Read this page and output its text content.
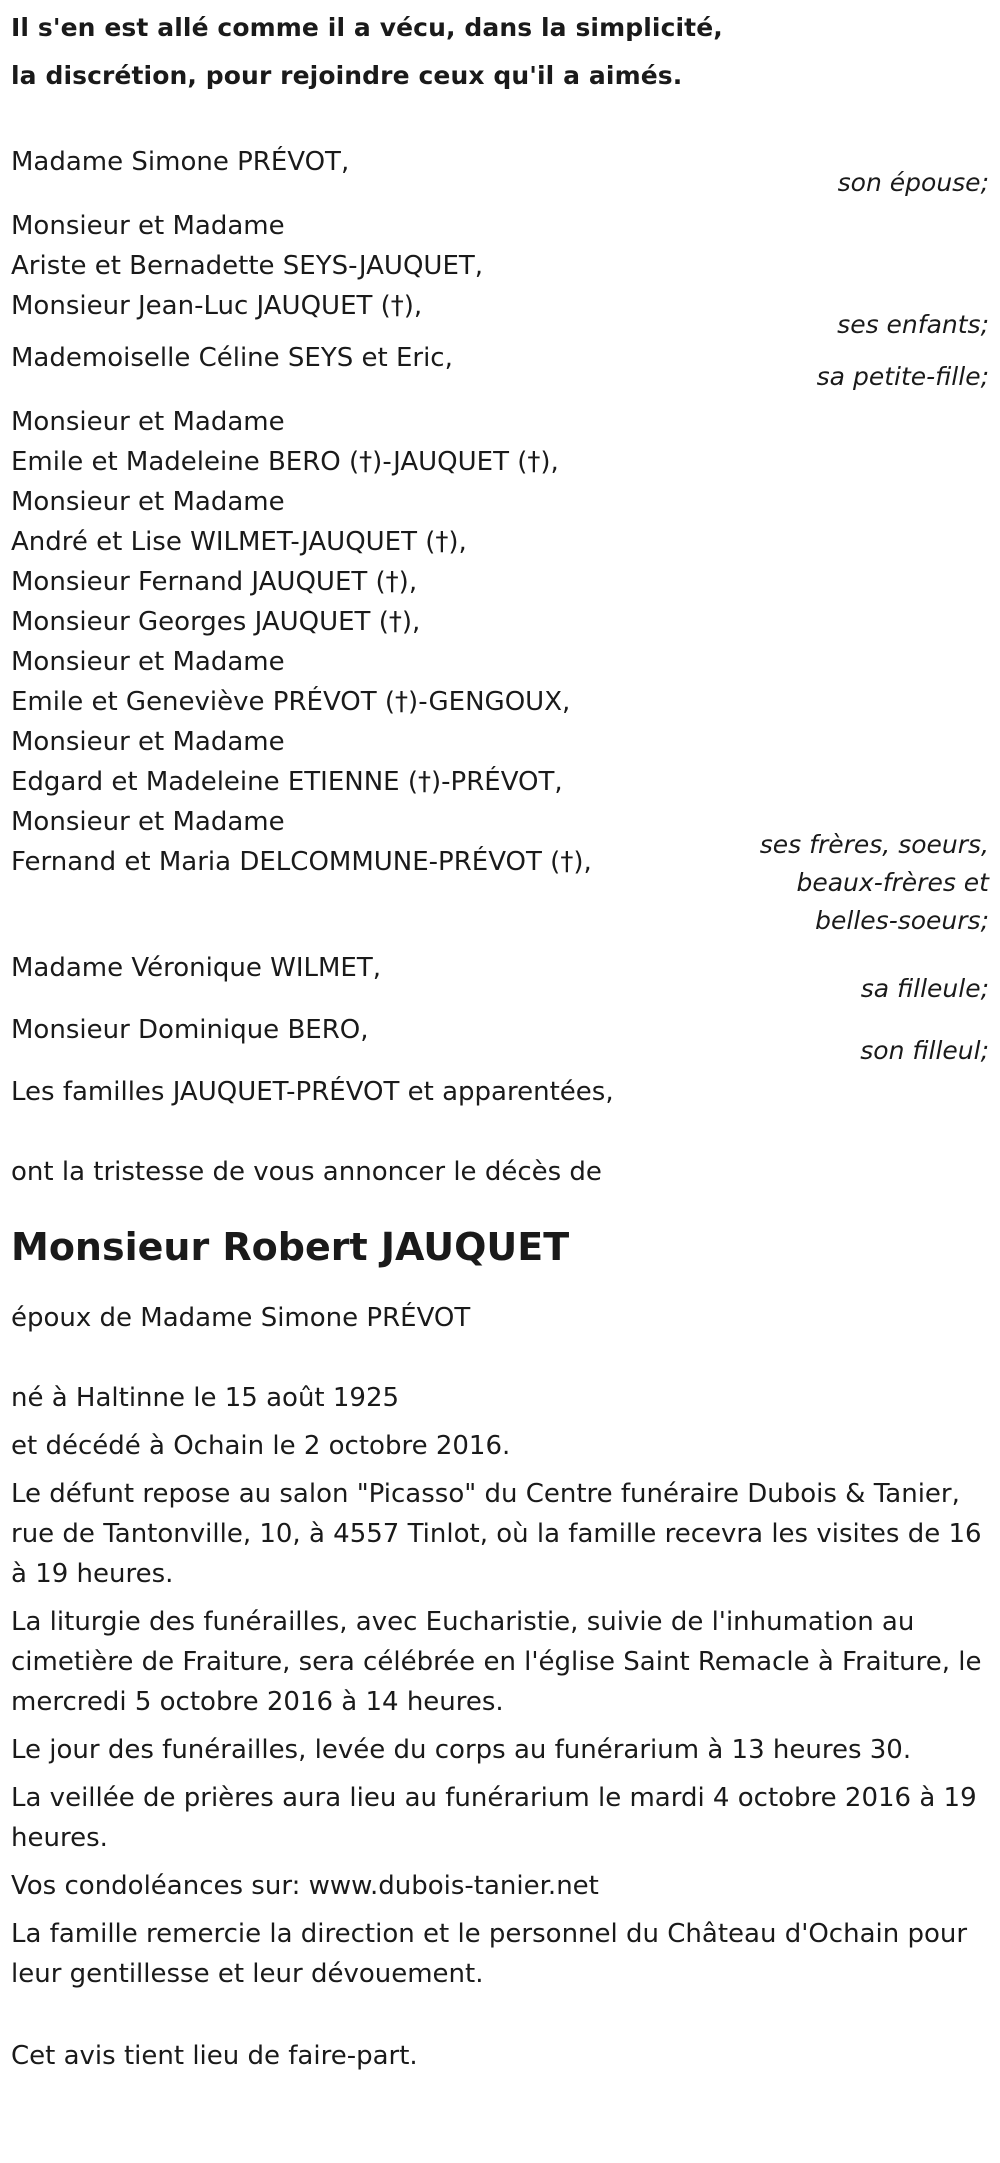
Il s'en est allé comme il a vécu, dans la simplicité,
la discrétion, pour rejoindre ceux qu'il a aimés.
Madame Simone PRÉVOT,
son épouse;
Monsieur et Madame
Ariste et Bernadette SEYS-JAUQUET,
Monsieur Jean-Luc JAUQUET (†),
ses enfants;
Mademoiselle Céline SEYS et Eric,
sa petite-fille;
Monsieur et Madame
Emile et Madeleine BERO (†)-JAUQUET (†),
Monsieur et Madame
André et Lise WILMET-JAUQUET (†),
Monsieur Fernand JAUQUET (†),
Monsieur Georges JAUQUET (†),
Monsieur et Madame
Emile et Geneviève PRÉVOT (†)-GENGOUX,
Monsieur et Madame
Edgard et Madeleine ETIENNE (†)-PRÉVOT,
Monsieur et Madame
Fernand et Maria DELCOMMUNE-PRÉVOT (†),
ses frères, soeurs,
beaux-frères et
belles-soeurs;
Madame Véronique WILMET,
sa filleule;
Monsieur Dominique BERO,
son filleul;
Les familles JAUQUET-PRÉVOT et apparentées,
ont la tristesse de vous annoncer le décès de
Monsieur Robert JAUQUET
époux de Madame Simone PRÉVOT
né à Haltinne le 15 août 1925
et décédé à Ochain le 2 octobre 2016.
Le défunt repose au salon "Picasso" du Centre funéraire Dubois & Tanier, rue de Tantonville, 10, à 4557 Tinlot, où la famille recevra les visites de 16 à 19 heures.
La liturgie des funérailles, avec Eucharistie, suivie de l'inhumation au cimetière de Fraiture, sera célébrée en l'église Saint Remacle à Fraiture, le mercredi 5 octobre 2016 à 14 heures.
Le jour des funérailles, levée du corps au funérarium à 13 heures 30.
La veillée de prières aura lieu au funérarium le mardi 4 octobre 2016 à 19 heures.
Vos condoléances sur: www.dubois-tanier.net
La famille remercie la direction et le personnel du Château d'Ochain pour leur gentillesse et leur dévouement.
Cet avis tient lieu de faire-part.
